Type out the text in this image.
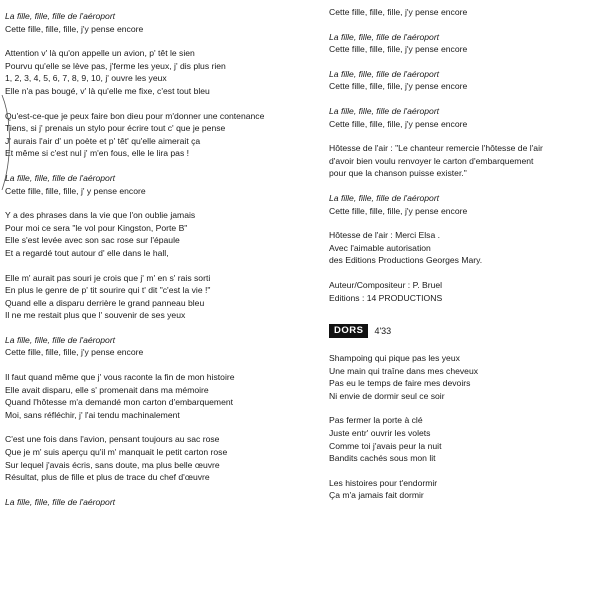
La fille, fille, fille de l'aéroport
Cette fille, fille, fille, j'y pense encore
Attention v' là qu'on appelle un avion, p' têt le sien
Pourvu qu'elle se lève pas, j'ferme les yeux, j' dis plus rien
1, 2, 3, 4, 5, 6, 7, 8, 9, 10, j' ouvre les yeux
Elle n'a pas bougé, v' là qu'elle me fixe, c'est tout bleu
Qu'est-ce-que je peux faire bon dieu pour m'donner une contenance
Tiens, si j' prenais un stylo pour écrire tout c' que je pense
J' aurais l'air d' un poète et p' têt' qu'elle aimerait ça
Et même si c'est nul j' m'en fous, elle le lira pas !
La fille, fille, fille de l'aéroport
Cette fille, fille, fille, j' y pense encore
Y a des phrases dans la vie que l'on oublie jamais
Pour moi ce sera "le vol pour Kingston, Porte B"
Elle s'est levée avec son sac rose sur l'épaule
Et a regardé tout autour d' elle dans le hall,
Elle m' aurait pas souri je crois que j' m' en s' rais sorti
En plus le genre de p' tit sourire qui t' dit "c'est la vie !"
Quand elle a disparu derrière le grand panneau bleu
Il ne me restait plus que l' souvenir de ses yeux
La fille, fille, fille de l'aéroport
Cette fille, fille, fille, j'y pense encore
Il faut quand même que j' vous raconte la fin de mon histoire
Elle avait disparu, elle s' promenait dans ma mémoire
Quand l'hôtesse m'a demandé mon carton d'embarquement
Moi, sans réfléchir, j' l'ai tendu machinalement
C'est une fois dans l'avion, pensant toujours au sac rose
Que je m' suis aperçu qu'il m' manquait le petit carton rose
Sur lequel j'avais écris, sans doute, ma plus belle œuvre
Résultat, plus de fille et plus de trace du chef d'œuvre
La fille, fille, fille de l'aéroport
Cette fille, fille, fille, j'y pense encore
La fille, fille, fille de l'aéroport
Cette fille, fille, fille, j'y pense encore
La fille, fille, fille de l'aéroport
Cette fille, fille, fille, j'y pense encore
La fille, fille, fille de l'aéroport
Cette fille, fille, fille, j'y pense encore
Hôtesse de l'air : "Le chanteur remercie l'hôtesse de l'air
d'avoir bien voulu renvoyer le carton d'embarquement
pour que la chanson puisse exister."
La fille, fille, fille de l'aéroport
Cette fille, fille, fille, j'y pense encore
Hôtesse de l'air : Merci Elsa .
Avec l'aimable autorisation
des Editions Productions Georges Mary.
Auteur/Compositeur : P. Bruel
Editions : 14 PRODUCTIONS
DORS	4'33
Shampoing qui pique pas les yeux
Une main qui traîne dans mes cheveux
Pas eu le temps de faire mes devoirs
Ni envie de dormir seul ce soir
Pas fermer la porte à clé
Juste entr' ouvrir les volets
Comme toi j'avais peur la nuit
Bandits cachés sous mon lit
Les histoires pour t'endormir
Ça m'a jamais fait dormir
